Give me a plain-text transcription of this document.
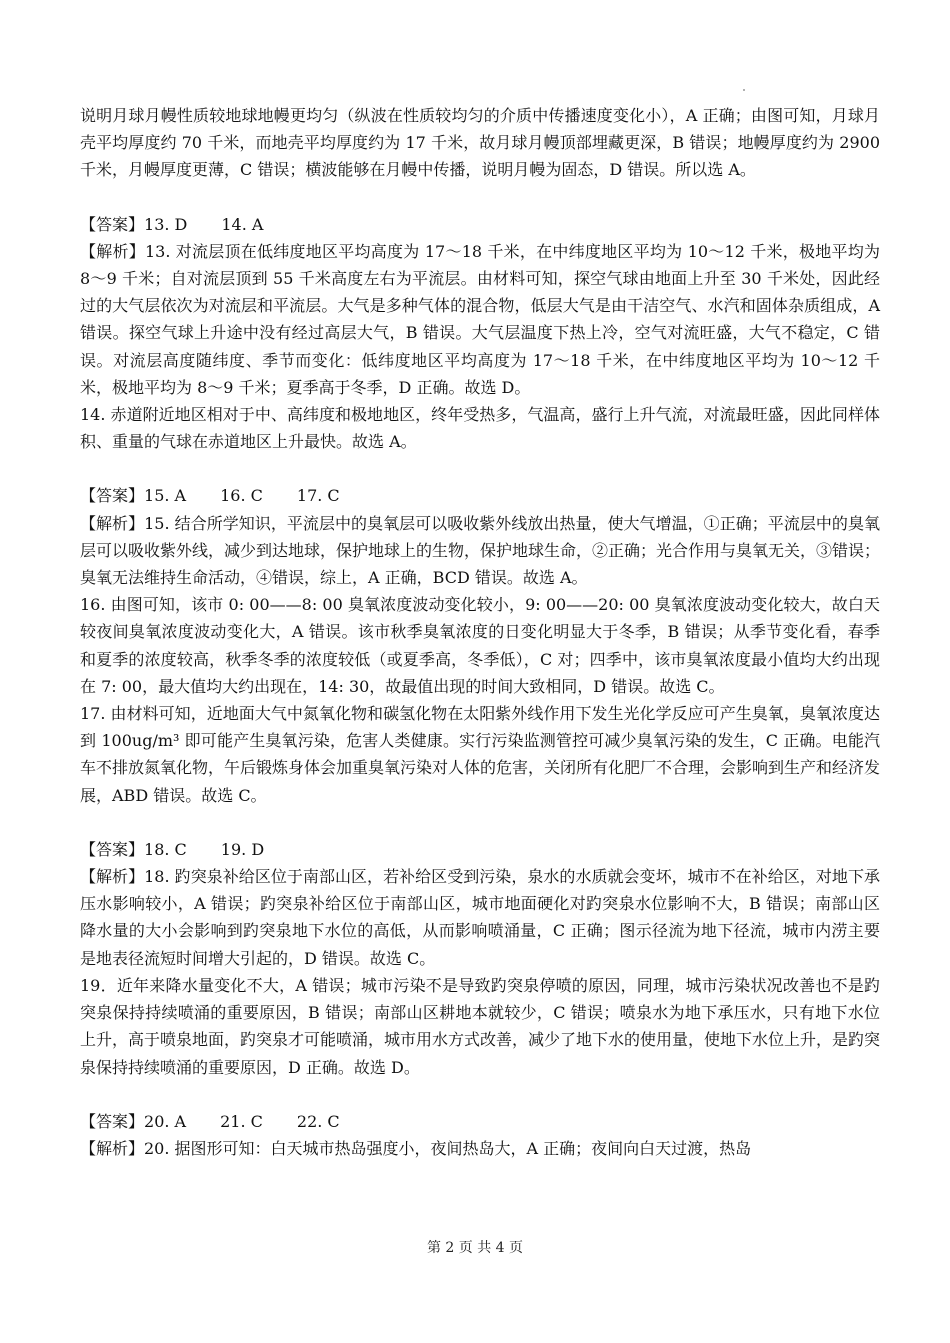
说明月球月幔性质较地球地幔更均匀（纵波在性质较均匀的介质中传播速度变化小），A 正确；由图可知，月球月壳平均厚度约 70 千米，而地壳平均厚度约为 17 千米，故月球月幔顶部埋藏更深，B 错误；地幔厚度约为 2900 千米，月幔厚度更薄，C 错误；横波能够在月幔中传播，说明月幔为固态，D 错误。所以选 A。

【答案】13. D 14. A

【解析】13. 对流层顶在低纬度地区平均高度为 17～18 千米，在中纬度地区平均为 10～12 千米，极地平均为 8～9 千米；自对流层顶到 55 千米高度左右为平流层。由材料可知，探空气球由地面上升至 30 千米处，因此经过的大气层依次为对流层和平流层。大气是多种气体的混合物，低层大气是由干洁空气、水汽和固体杂质组成，A 错误。探空气球上升途中没有经过高层大气，B 错误。大气层温度下热上冷，空气对流旺盛，大气不稳定，C 错误。对流层高度随纬度、季节而变化：低纬度地区平均高度为 17～18 千米，在中纬度地区平均为 10～12 千米，极地平均为 8～9 千米；夏季高于冬季，D 正确。故选 D。

14. 赤道附近地区相对于中、高纬度和极地地区，终年受热多，气温高，盛行上升气流，对流最旺盛，因此同样体积、重量的气球在赤道地区上升最快。故选 A。

【答案】15. A 16. C 17. C

【解析】15. 结合所学知识，平流层中的臭氧层可以吸收紫外线放出热量，使大气增温，①正确；平流层中的臭氧层可以吸收紫外线，减少到达地球，保护地球上的生物，保护地球生命，②正确；光合作用与臭氧无关，③错误；臭氧无法维持生命活动，④错误，综上，A 正确，BCD 错误。故选 A。

16. 由图可知，该市 0: 00——8: 00 臭氧浓度波动变化较小，9: 00——20: 00 臭氧浓度波动变化较大，故白天较夜间臭氧浓度波动变化大，A 错误。该市秋季臭氧浓度的日变化明显大于冬季，B 错误；从季节变化看，春季和夏季的浓度较高，秋季冬季的浓度较低（或夏季高，冬季低），C 对；四季中，该市臭氧浓度最小值均大约出现在 7: 00，最大值均大约出现在，14: 30，故最值出现的时间大致相同，D 错误。故选 C。

17. 由材料可知，近地面大气中氮氧化物和碳氢化物在太阳紫外线作用下发生光化学反应可产生臭氧，臭氧浓度达到 100ug/m³ 即可能产生臭氧污染，危害人类健康。实行污染监测管控可减少臭氧污染的发生，C 正确。电能汽车不排放氮氧化物，午后锻炼身体会加重臭氧污染对人体的危害，关闭所有化肥厂不合理，会影响到生产和经济发展，ABD 错误。故选 C。

【答案】18. C 19. D

【解析】18. 趵突泉补给区位于南部山区，若补给区受到污染，泉水的水质就会变坏，城市不在补给区，对地下承压水影响较小，A 错误；趵突泉补给区位于南部山区，城市地面硬化对趵突泉水位影响不大，B 错误；南部山区降水量的大小会影响到趵突泉地下水位的高低，从而影响喷涌量，C 正确；图示径流为地下径流，城市内涝主要是地表径流短时间增大引起的，D 错误。故选 C。

19．近年来降水量变化不大，A 错误；城市污染不是导致趵突泉停喷的原因，同理，城市污染状况改善也不是趵突泉保持持续喷涌的重要原因，B 错误；南部山区耕地本就较少，C 错误；喷泉水为地下承压水，只有地下水位上升，高于喷泉地面，趵突泉才可能喷涌，城市用水方式改善，减少了地下水的使用量，使地下水位上升，是趵突泉保持持续喷涌的重要原因，D 正确。故选 D。

【答案】20. A 21. C 22. C

【解析】20. 据图形可知：白天城市热岛强度小，夜间热岛大，A 正确；夜间向白天过渡，热岛

第 2 页 共 4 页
